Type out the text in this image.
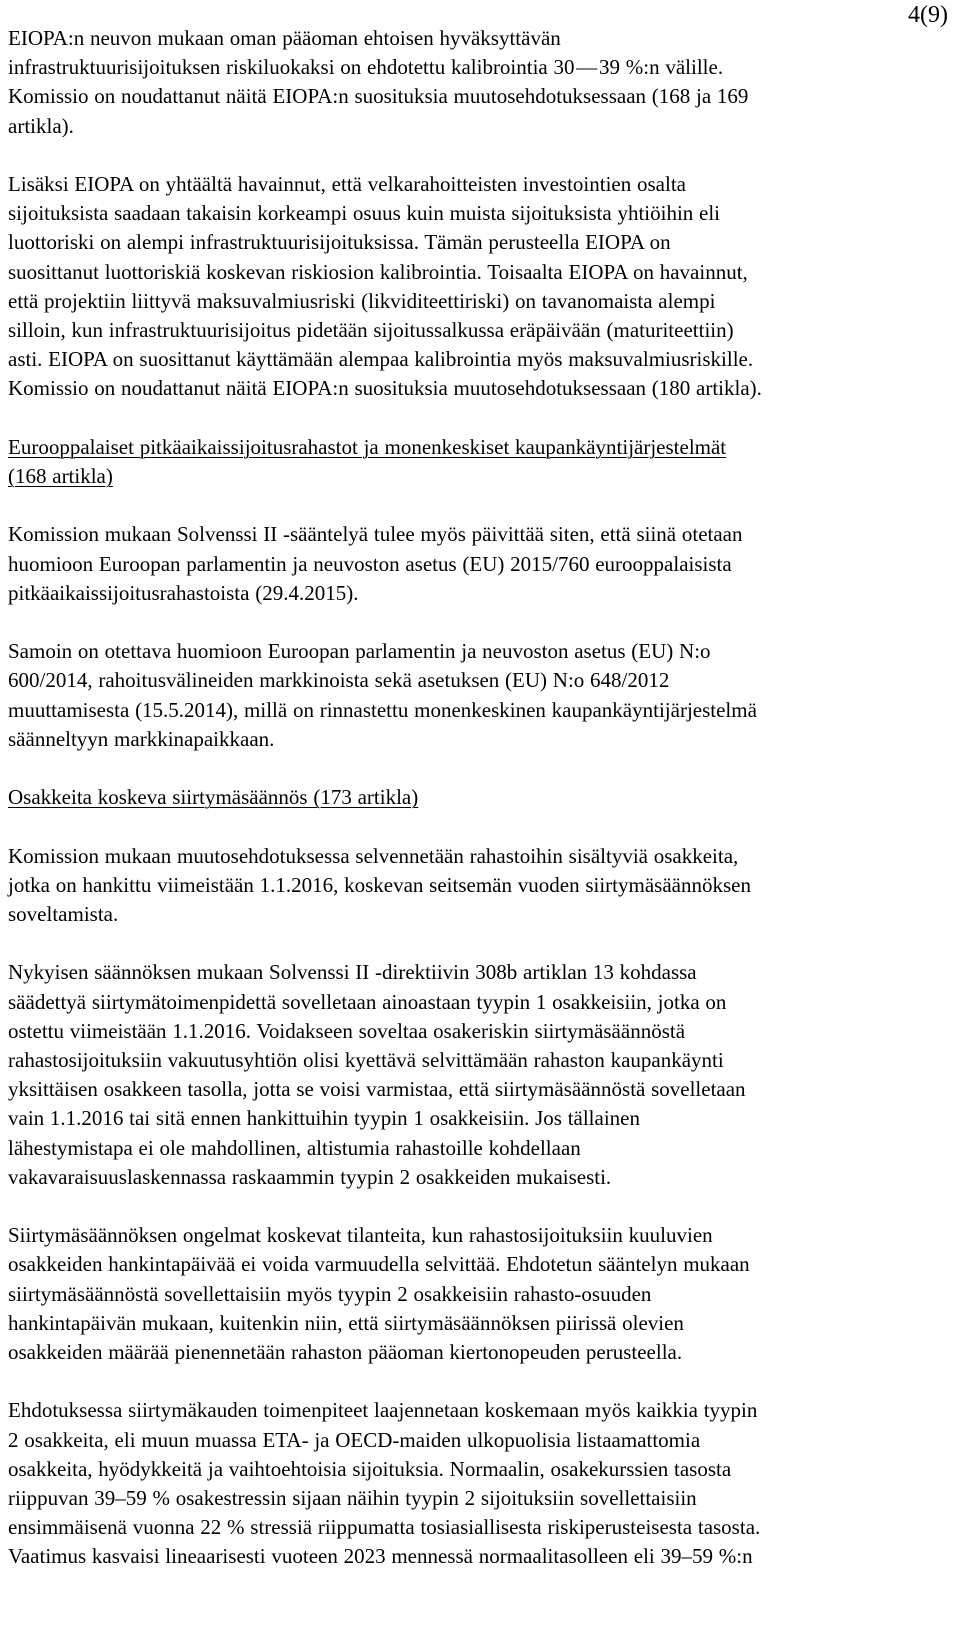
4(9)
EIOPA:n neuvon mukaan oman pääoman ehtoisen hyväksyttävän
infrastruktuurisijoituksen riskiluokaksi on ehdotettu kalibrointia 30 — 39 %:n välille.
Komissio on noudattanut näitä EIOPA:n suosituksia muutosehdotuksessaan (168 ja 169
artikla).
Lisäksi EIOPA on yhtäältä havainnut, että velkarahoitteisten investointien osalta
sijoituksista saadaan takaisin korkeampi osuus kuin muista sijoituksista yhtiöihin eli
luottoriski on alempi infrastruktuurisijoituksissa. Tämän perusteella EIOPA on
suosittanut luottoriskiä koskevan riskiosion kalibrointia. Toisaalta EIOPA on havainnut,
että projektiin liittyvä maksuvalmiusriski (likviditeettiriski) on tavanomaista alempi
silloin, kun infrastruktuurisijoitus pidetään sijoitussalkussa eräpäivään (maturiteettiin)
asti. EIOPA on suosittanut käyttämään alempaa kalibrointia myös maksuvalmiusriskille.
Komissio on noudattanut näitä EIOPA:n suosituksia muutosehdotuksessaan (180 artikla).
Eurooppalaiset pitkäaikaissijoitusrahastot ja monenkeskiset kaupankäyntijärjestelmät
(168 artikla)
Komission mukaan Solvenssi II -sääntelyä tulee myös päivittää siten, että siinä otetaan
huomioon Euroopan parlamentin ja neuvoston asetus (EU) 2015/760 eurooppalaisista
pitkäaikaissijoitusrahastoista (29.4.2015).
Samoin on otettava huomioon Euroopan parlamentin ja neuvoston asetus (EU) N:o
600/2014, rahoitusvälineiden markkinoista sekä asetuksen (EU) N:o 648/2012
muuttamisesta (15.5.2014), millä on rinnastettu monenkeskinen kaupankäyntijärjestelmä
säänneltyyn markkinapaikkaan.
Osakkeita koskeva siirtymäsäännös (173 artikla)
Komission mukaan muutosehdotuksessa selvennetään rahastoihin sisältyviä osakkeita,
jotka on hankittu viimeistään 1.1.2016, koskevan seitsemän vuoden siirtymäsäännöksen
soveltamista.
Nykyisen säännöksen mukaan Solvenssi II -direktiivin 308b artiklan 13 kohdassa
säädettyä siirtymätoimenpidettä sovelletaan ainoastaan tyypin 1 osakkeisiin, jotka on
ostettu viimeistään 1.1.2016. Voidakseen soveltaa osakeriskin siirtymäsäännöstä
rahastosijoituksiin vakuutusyhtiön olisi kyettävä selvittämään rahaston kaupankäynti
yksittäisen osakkeen tasolla, jotta se voisi varmistaa, että siirtymäsäännöstä sovelletaan
vain 1.1.2016 tai sitä ennen hankittuihin tyypin 1 osakkeisiin. Jos tällainen
lähestymistapa ei ole mahdollinen, altistumia rahastoille kohdellaan
vakavaraisuuslaskennassa raskaammin tyypin 2 osakkeiden mukaisesti.
Siirtymäsäännöksen ongelmat koskevat tilanteita, kun rahastosijoituksiin kuuluvien
osakkeiden hankintapäivää ei voida varmuudella selvittää. Ehdotetun sääntelyn mukaan
siirtymäsäännöstä sovellettaisiin myös tyypin 2 osakkeisiin rahasto-osuuden
hankintapäivän mukaan, kuitenkin niin, että siirtymäsäännöksen piirissä olevien
osakkeiden määrää pienennetään rahaston pääoman kiertonopeuden perusteella.
Ehdotuksessa siirtymäkauden toimenpiteet laajennetaan koskemaan myös kaikkia tyypin
2 osakkeita, eli muun muassa ETA- ja OECD-maiden ulkopuolisia listaamattomia
osakkeita, hyödykkeitä ja vaihtoehtoisia sijoituksia. Normaalin, osakekurssien tasosta
riippuvan 39–59 % osakestressin sijaan näihin tyypin 2 sijoituksiin sovellettaisiin
ensimmäisenä vuonna 22 % stressiä riippumatta tosiasiallisesta riskiperusteisesta tasosta.
Vaatimus kasvaisi lineaarisesti vuoteen 2023 mennessä normaalitasolleen eli 39–59 %:n
